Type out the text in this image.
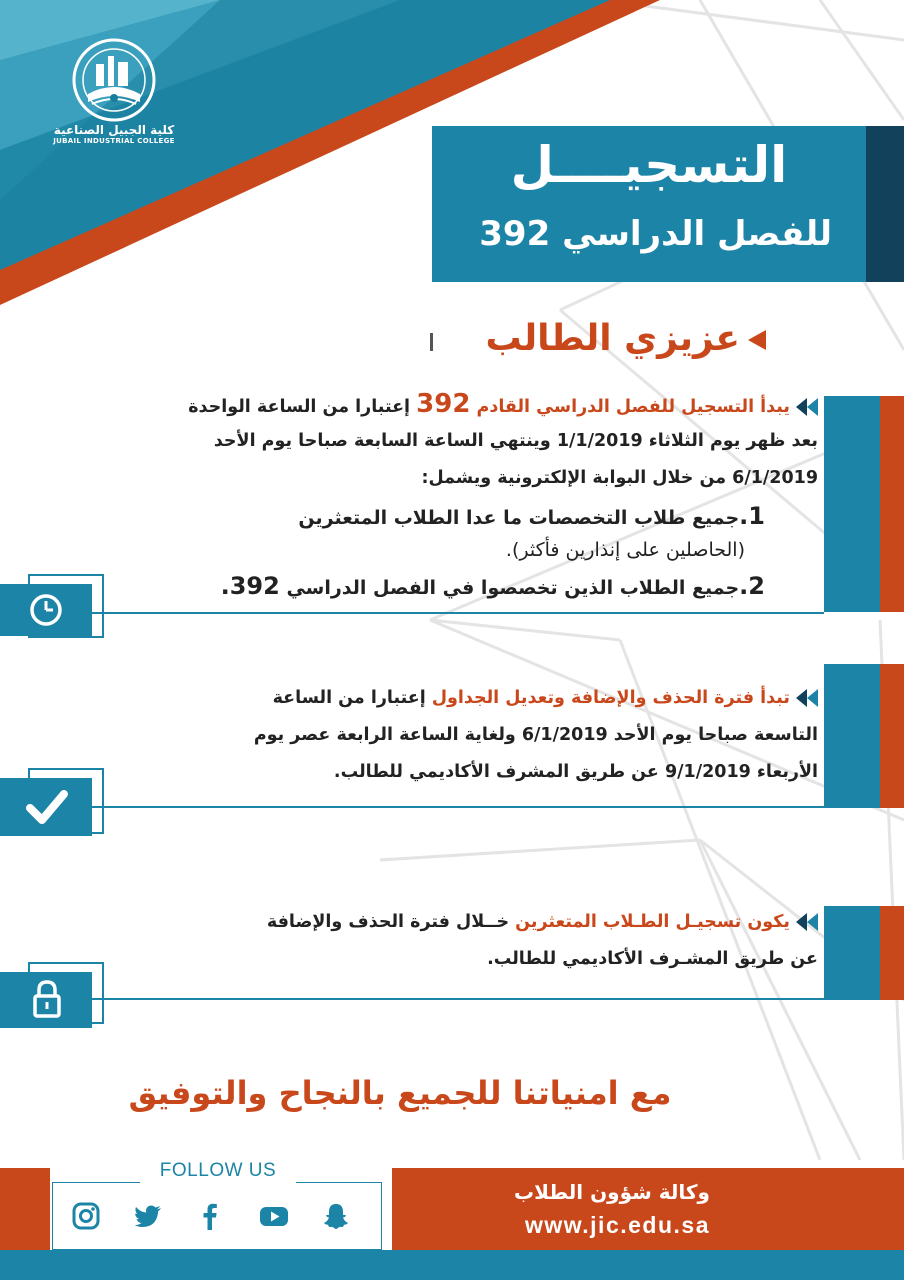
كلية الجبيل الصناعية
JUBAIL INDUSTRIAL COLLEGE	التسجيــــل
للفصل الدراسي 392
عزيزي الطالب
يبدأ التسجيل للفصل الدراسي القادم 392 إعتبارا من الساعة الواحدة
بعد ظهر يوم الثلاثاء 1/1/2019 وينتهي الساعة السابعة صباحا يوم الأحد
6/1/2019 من خلال البوابة الإلكترونية ويشمل:
1.جميع طلاب التخصصات ما عدا الطلاب المتعثرين
(الحاصلين على إنذارين فأكثر).
2.جميع الطلاب الذين تخصصوا في الفصل الدراسي 392.
تبدأ فترة الحذف والإضافة وتعديل الجداول إعتبارا من الساعة
التاسعة صباحا يوم الأحد 6/1/2019 ولغاية الساعة الرابعة عصر يوم
الأربعاء 9/1/2019 عن طريق المشرف الأكاديمي للطالب.
يكون تسجيـل الطـلاب المتعثرين خــلال فترة الحذف والإضافة
عن طريق المشـرف الأكاديمي للطالب.
مع امنياتنا للجميع بالنجاح والتوفيق
FOLLOW US
وكالة شؤون الطلاب
www.jic.edu.sa
